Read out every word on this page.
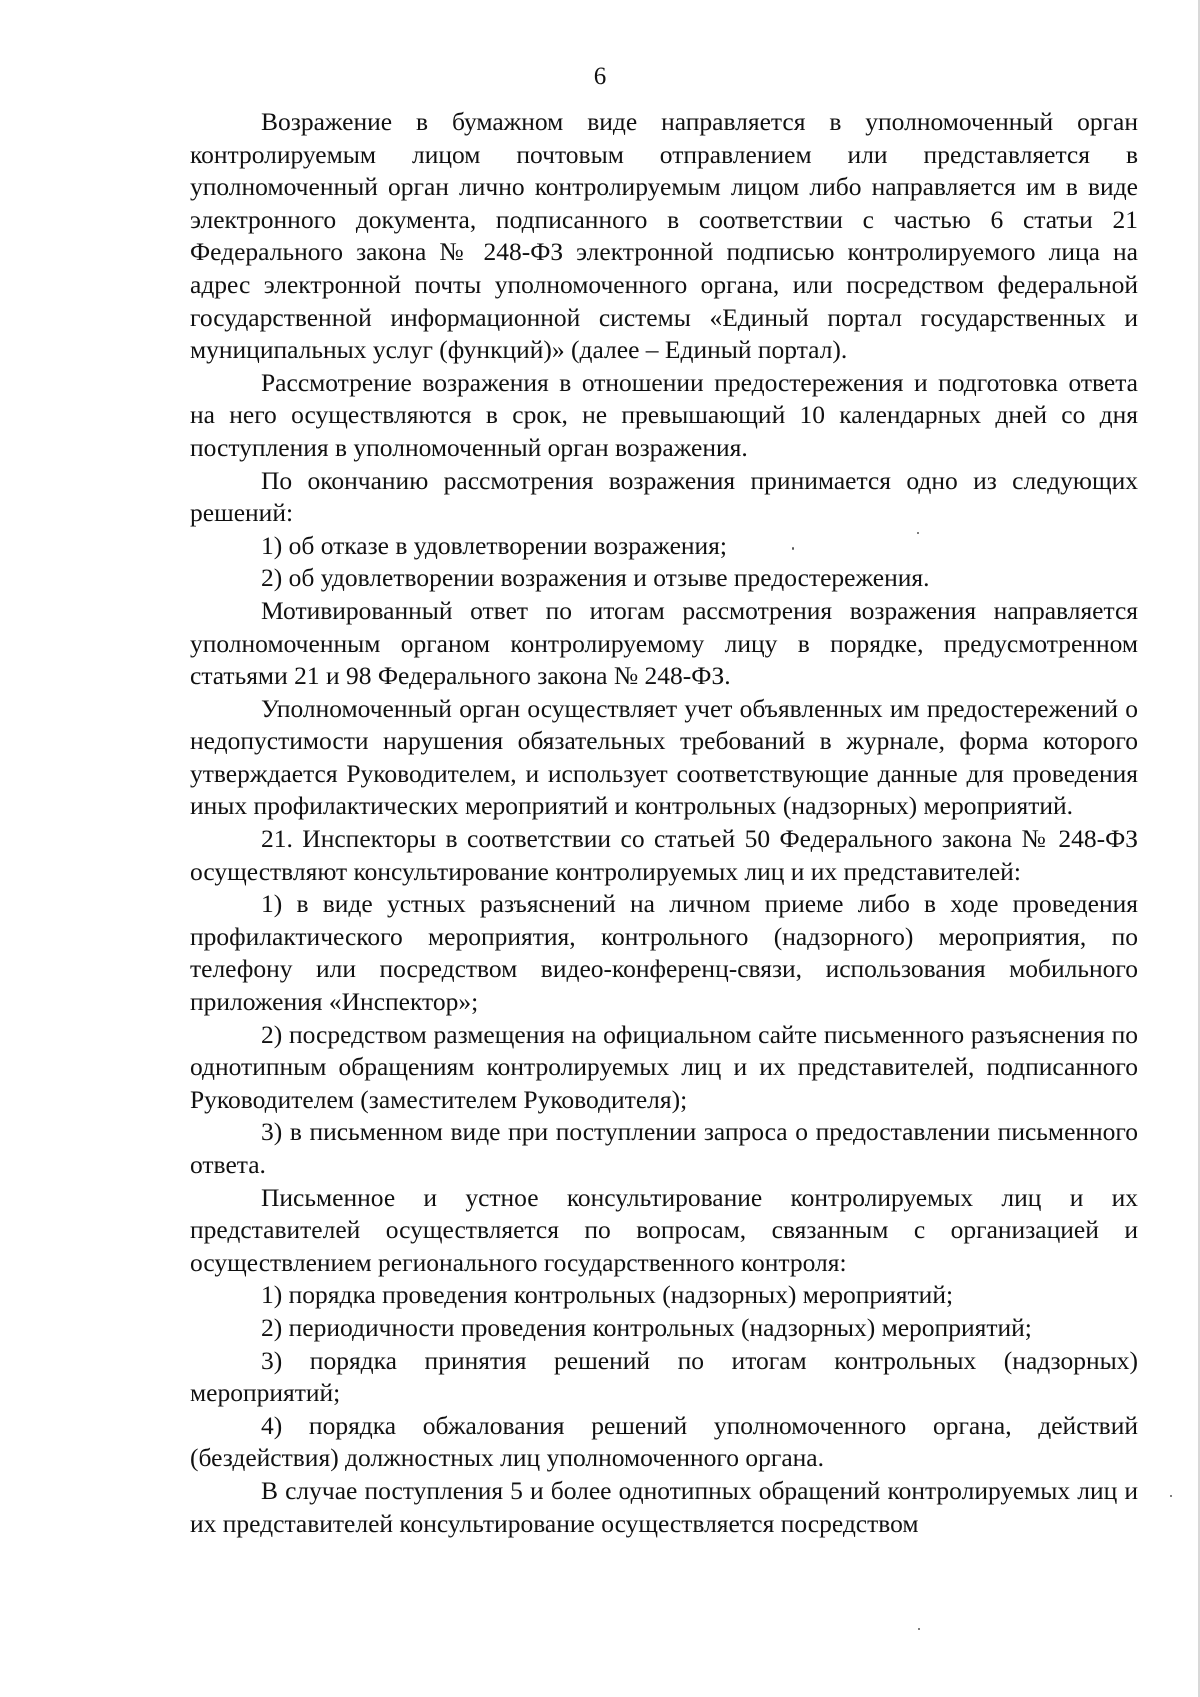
6

Возражение в бумажном виде направляется в уполномоченный орган контролируемым лицом почтовым отправлением или представляется в уполномоченный орган лично контролируемым лицом либо направляется им в виде электронного документа, подписанного в соответствии с частью 6 статьи 21 Федерального закона № 248-ФЗ электронной подписью контролируемого лица на адрес электронной почты уполномоченного органа, или посредством федеральной государственной информационной системы «Единый портал государственных и муниципальных услуг (функций)» (далее – Единый портал).

Рассмотрение возражения в отношении предостережения и подготовка ответа на него осуществляются в срок, не превышающий 10 календарных дней со дня поступления в уполномоченный орган возражения.

По окончанию рассмотрения возражения принимается одно из следующих решений:

1) об отказе в удовлетворении возражения;

2) об удовлетворении возражения и отзыве предостережения.

Мотивированный ответ по итогам рассмотрения возражения направляется уполномоченным органом контролируемому лицу в порядке, предусмотренном статьями 21 и 98 Федерального закона № 248-ФЗ.

Уполномоченный орган осуществляет учет объявленных им предостережений о недопустимости нарушения обязательных требований в журнале, форма которого утверждается Руководителем, и использует соответствующие данные для проведения иных профилактических мероприятий и контрольных (надзорных) мероприятий.

21. Инспекторы в соответствии со статьей 50 Федерального закона № 248-ФЗ осуществляют консультирование контролируемых лиц и их представителей:

1) в виде устных разъяснений на личном приеме либо в ходе проведения профилактического мероприятия, контрольного (надзорного) мероприятия, по телефону или посредством видео-конференц-связи, использования мобильного приложения «Инспектор»;

2) посредством размещения на официальном сайте письменного разъяснения по однотипным обращениям контролируемых лиц и их представителей, подписанного Руководителем (заместителем Руководителя);

3) в письменном виде при поступлении запроса о предоставлении письменного ответа.

Письменное и устное консультирование контролируемых лиц и их представителей осуществляется по вопросам, связанным с организацией и осуществлением регионального государственного контроля:

1) порядка проведения контрольных (надзорных) мероприятий;

2) периодичности проведения контрольных (надзорных) мероприятий;

3) порядка принятия решений по итогам контрольных (надзорных) мероприятий;

4) порядка обжалования решений уполномоченного органа, действий (бездействия) должностных лиц уполномоченного органа.

В случае поступления 5 и более однотипных обращений контролируемых лиц и их представителей консультирование осуществляется посредством
